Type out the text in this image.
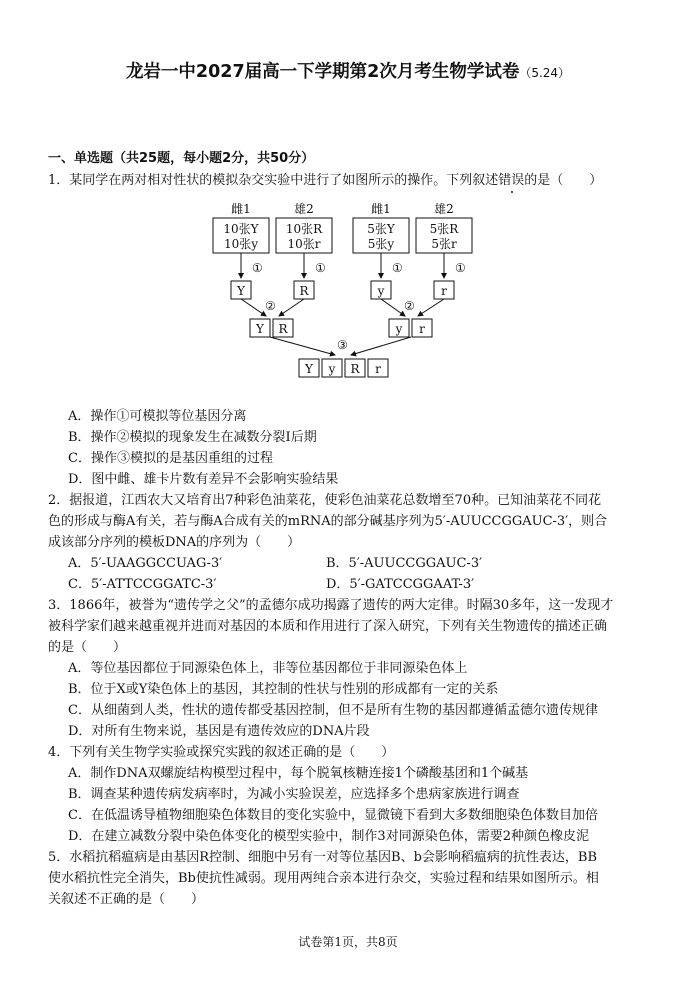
龙岩一中2027届高一下学期第2次月考生物学试卷（5.24）
一、单选题（共25题，每小题2分，共50分）
1．某同学在两对相对性状的模拟杂交实验中进行了如图所示的操作。下列叙述错误的是（　　）
雌1	雄2	雌1	雄2
10张Y
10张y
10张R
10张r
5张Y
5张y
5张R
5张r
①	①	①	①
Y	R	y	r
②	②
Y R	y r
③
Y y R r
A．操作①可模拟等位基因分离
B．操作②模拟的现象发生在减数分裂I后期
C．操作③模拟的是基因重组的过程
D．图中雌、雄卡片数有差异不会影响实验结果
2．据报道，江西农大又培育出7种彩色油菜花，使彩色油菜花总数增至70种。已知油菜花不同花
色的形成与酶A有关，若与酶A合成有关的mRNA的部分碱基序列为5′-AUUCCGGAUC-3′，则合
成该部分序列的模板DNA的序列为（　　）
A．5′-UAAGGCCUAG-3′	B．5′-AUUCCGGAUC-3′
C．5′-ATTCCGGATC-3′	D．5′-GATCCGGAAT-3′
3．1866年，被誉为“遗传学之父”的孟德尔成功揭露了遗传的两大定律。时隔30多年，这一发现才
被科学家们越来越重视并进而对基因的本质和作用进行了深入研究，下列有关生物遗传的描述正确
的是（　　）
A．等位基因都位于同源染色体上，非等位基因都位于非同源染色体上
B．位于X或Y染色体上的基因，其控制的性状与性别的形成都有一定的关系
C．从细菌到人类，性状的遗传都受基因控制，但不是所有生物的基因都遵循孟德尔遗传规律
D．对所有生物来说，基因是有遗传效应的DNA片段
4．下列有关生物学实验或探究实践的叙述正确的是（　　）
A．制作DNA双螺旋结构模型过程中，每个脱氧核糖连接1个磷酸基团和1个碱基
B．调查某种遗传病发病率时，为减小实验误差，应选择多个患病家族进行调查
C．在低温诱导植物细胞染色体数目的变化实验中，显微镜下看到大多数细胞染色体数目加倍
D．在建立减数分裂中染色体变化的模型实验中，制作3对同源染色体，需要2种颜色橡皮泥
5．水稻抗稻瘟病是由基因R控制、细胞中另有一对等位基因B、b会影响稻瘟病的抗性表达，BB
使水稻抗性完全消失，Bb使抗性减弱。现用两纯合亲本进行杂交，实验过程和结果如图所示。相
关叙述不正确的是（　　）
试卷第1页，共8页
